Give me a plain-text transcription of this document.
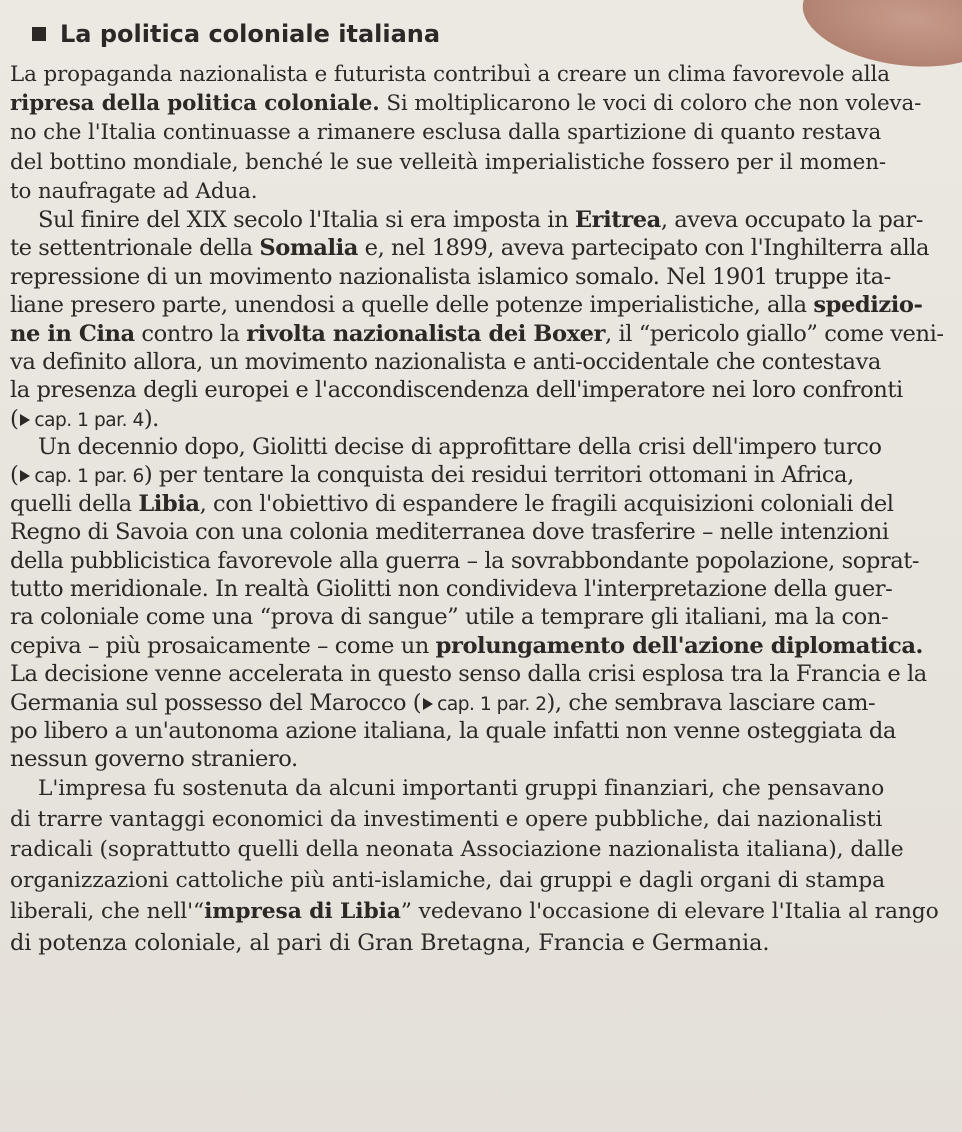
La politica coloniale italiana
La propaganda nazionalista e futurista contribuì a creare un clima favorevole alla
ripresa della politica coloniale. Si moltiplicarono le voci di coloro che non voleva-
no che l'Italia continuasse a rimanere esclusa dalla spartizione di quanto restava
del bottino mondiale, benché le sue velleità imperialistiche fossero per il momen-
to naufragate ad Adua.
Sul finire del XIX secolo l'Italia si era imposta in Eritrea, aveva occupato la par-
te settentrionale della Somalia e, nel 1899, aveva partecipato con l'Inghilterra alla
repressione di un movimento nazionalista islamico somalo. Nel 1901 truppe ita-
liane presero parte, unendosi a quelle delle potenze imperialistiche, alla spedizio-
ne in Cina contro la rivolta nazionalista dei Boxer, il “pericolo giallo” come veni-
va definito allora, un movimento nazionalista e anti-occidentale che contestava
la presenza degli europei e l'accondiscendenza dell'imperatore nei loro confronti
( cap. 1 par. 4).
Un decennio dopo, Giolitti decise di approfittare della crisi dell'impero turco
( cap. 1 par. 6) per tentare la conquista dei residui territori ottomani in Africa,
quelli della Libia, con l'obiettivo di espandere le fragili acquisizioni coloniali del
Regno di Savoia con una colonia mediterranea dove trasferire – nelle intenzioni
della pubblicistica favorevole alla guerra – la sovrabbondante popolazione, soprat-
tutto meridionale. In realtà Giolitti non condivideva l'interpretazione della guer-
ra coloniale come una “prova di sangue” utile a temprare gli italiani, ma la con-
cepiva – più prosaicamente – come un prolungamento dell'azione diplomatica.
La decisione venne accelerata in questo senso dalla crisi esplosa tra la Francia e la
Germania sul possesso del Marocco ( cap. 1 par. 2), che sembrava lasciare cam-
po libero a un'autonoma azione italiana, la quale infatti non venne osteggiata da
nessun governo straniero.
L'impresa fu sostenuta da alcuni importanti gruppi finanziari, che pensavano
di trarre vantaggi economici da investimenti e opere pubbliche, dai nazionalisti
radicali (soprattutto quelli della neonata Associazione nazionalista italiana), dalle
organizzazioni cattoliche più anti-islamiche, dai gruppi e dagli organi di stampa
liberali, che nell'“impresa di Libia” vedevano l'occasione di elevare l'Italia al rango
di potenza coloniale, al pari di Gran Bretagna, Francia e Germania.
